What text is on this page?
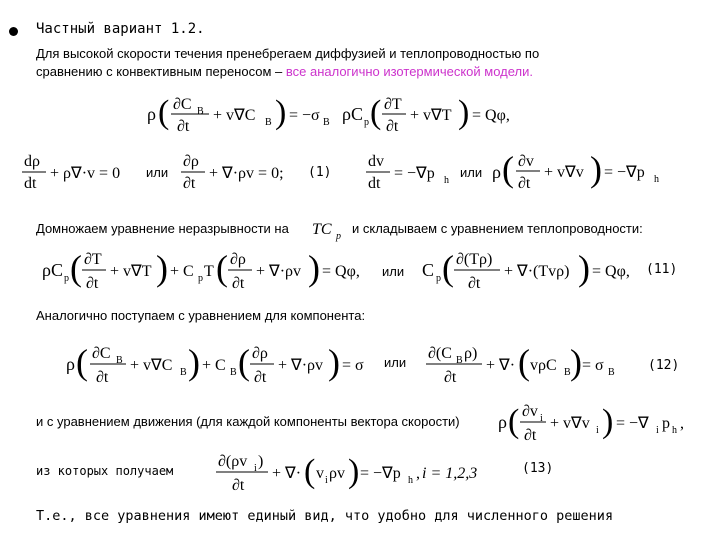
Частный вариант 1.2.
Для высокой скорости течения пренебрегаем диффузией и теплопроводностью по
сравнению с конвективным переносом – все аналогично изотермической модели.
ρ ( ∂C B
∂t
+ v∇C B ) = −σ B ρC p ( ∂T
∂t
+ v∇T ) = Qφ,
dρ
dt
+ ρ∇·v = 0 или
∂ρ
∂t
+ ∇·ρv = 0; (1)
dv
dt
= −∇p h
или ρ ( ∂v
∂t
+ v∇v ) = −∇p h
Домножаем уравнение неразрывности на TC p
и складываем с уравнением теплопроводности:
ρC p ( ∂T
∂t
+ v∇T ) + C p T ( ∂ρ
∂t
+ ∇·ρv ) = Qφ, или C p ( ∂(Tρ)
∂t
+ ∇·(Tvρ) ) = Qφ, (11)
Аналогично поступаем с уравнением для компонента:
ρ ( ∂C B
∂t
+ v∇C B ) + C B ( ∂ρ
∂t
+ ∇·ρv ) = σ или
∂(C B ρ)
∂t
+ ∇· ( vρC B ) = σ B	(12)
и с уравнением движения (для каждой компоненты вектора скорости) ρ ( ∂v i
∂t
+ v∇v i ) = −∇ i p h ,
из которых получаем
∂(ρv i )
∂t
+ ∇· ( v i ρv ) = −∇p h , i = 1,2,3	(13)
Т.е., все уравнения имеют единый вид, что удобно для численного решения
